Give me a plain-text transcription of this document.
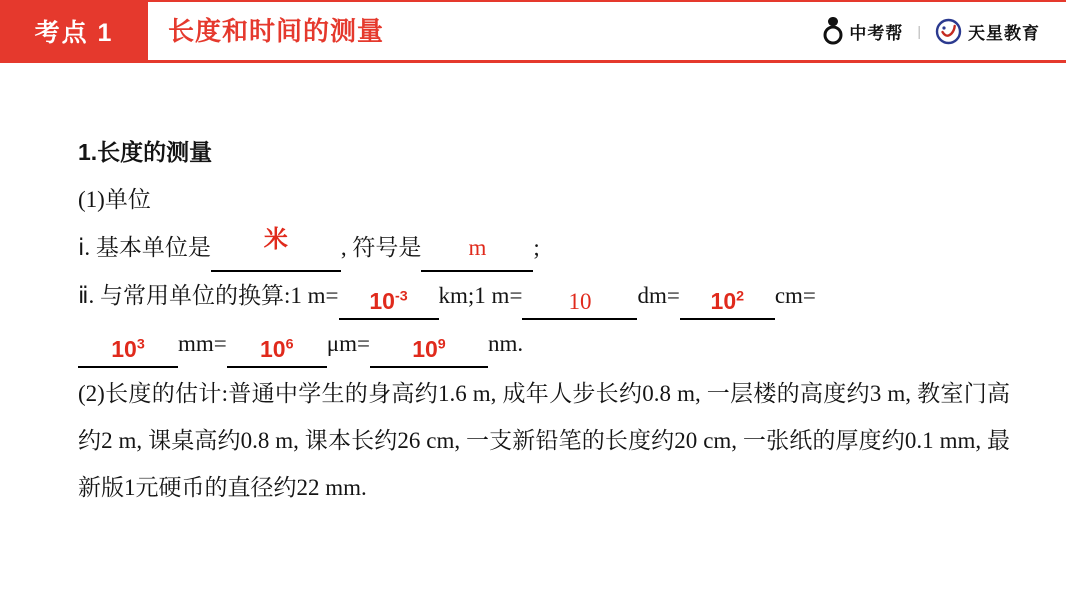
考点 1	长度和时间的测量	中考帮 |	天星教育
1.长度的测量
(1)单位
ⅰ. 基本单位是 米 , 符号是 m ;
ⅱ. 与常用单位的换算:1 $m= 10^{-3}$ km;1 m= 10 $dm= 10^2$ cm=
$10^3$ $mm= 10^6$ $\mu m= 10^9$ nm.
(2)长度的估计:普通中学生的身高约1.6 m, 成年人步长约0.8 m, 一层楼的高度约3 m, 教室门高约2 m, 课桌高约0.8 m, 课本长约26 cm, 一支新铅笔的长度约20 cm, 一张纸的厚度约0.1 mm, 最新版1元硬币的直径约22 mm.
